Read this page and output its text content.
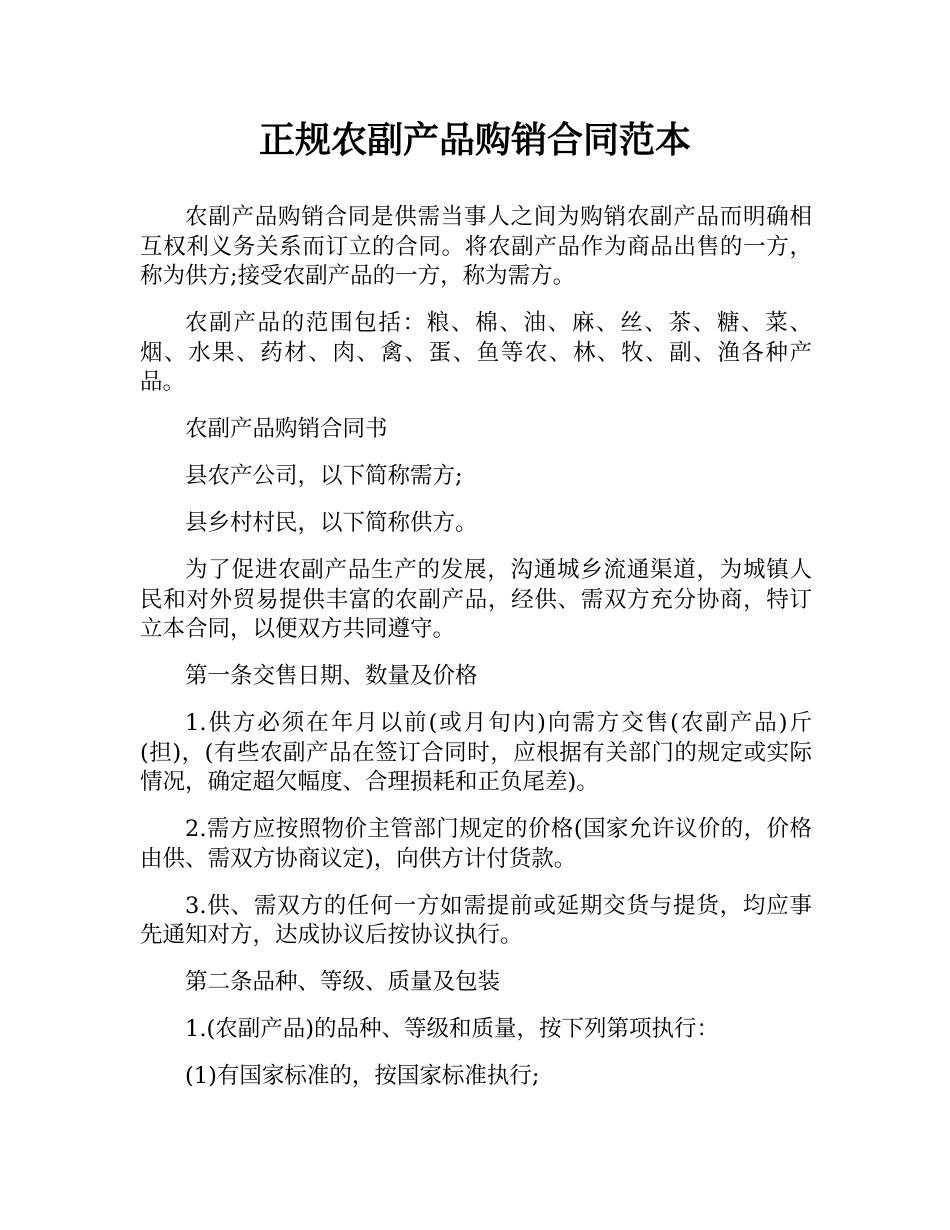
正规农副产品购销合同范本

农副产品购销合同是供需当事人之间为购销农副产品而明确相互权利义务关系而订立的合同。将农副产品作为商品出售的一方，称为供方;接受农副产品的一方，称为需方。

农副产品的范围包括：粮、棉、油、麻、丝、茶、糖、菜、烟、水果、药材、肉、禽、蛋、鱼等农、林、牧、副、渔各种产品。

农副产品购销合同书

县农产公司，以下简称需方;

县乡村村民，以下简称供方。

为了促进农副产品生产的发展，沟通城乡流通渠道，为城镇人民和对外贸易提供丰富的农副产品，经供、需双方充分协商，特订立本合同，以便双方共同遵守。

第一条交售日期、数量及价格

1.供方必须在年月以前(或月旬内)向需方交售(农副产品)斤(担)，(有些农副产品在签订合同时，应根据有关部门的规定或实际情况，确定超欠幅度、合理损耗和正负尾差)。

2.需方应按照物价主管部门规定的价格(国家允许议价的，价格由供、需双方协商议定)，向供方计付货款。

3.供、需双方的任何一方如需提前或延期交货与提货，均应事先通知对方，达成协议后按协议执行。

第二条品种、等级、质量及包装

1.(农副产品)的品种、等级和质量，按下列第项执行：

(1)有国家标准的，按国家标准执行;
